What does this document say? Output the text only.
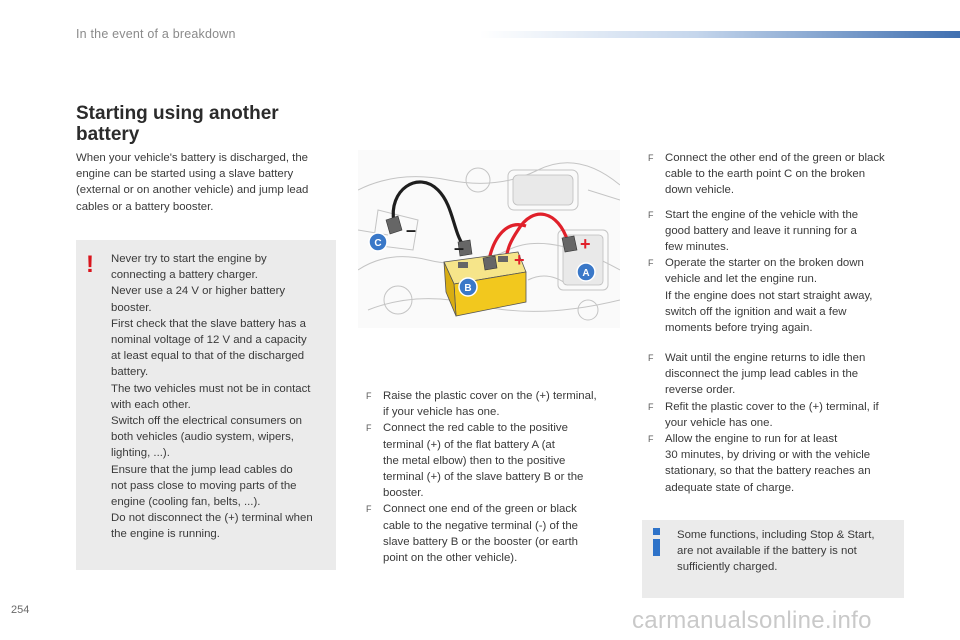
In the event of a breakdown
Starting using another
battery

When your vehicle's battery is discharged, the engine can be started using a slave battery (external or on another vehicle) and jump lead cables or a battery booster.

! Never try to start the engine by
connecting a battery charger.
Never use a 24 V or higher battery
booster.
First check that the slave battery has a
nominal voltage of 12 V and a capacity
at least equal to that of the discharged
battery.
The two vehicles must not be in contact
with each other.
Switch off the electrical consumers on
both vehicles (audio system, wipers,
lighting, ...).
Ensure that the jump lead cables do
not pass close to moving parts of the
engine (cooling fan, belts, ...).
Do not disconnect the (+) terminal when
the engine is running.
C
B
A
–
–
+
+
F Raise the plastic cover on the (+) terminal,
if your vehicle has one.
F Connect the red cable to the positive
terminal (+) of the flat battery A (at
the metal elbow) then to the positive
terminal (+) of the slave battery B or the
booster.
F Connect one end of the green or black
cable to the negative terminal (-) of the
slave battery B or the booster (or earth
point on the other vehicle).
F Connect the other end of the green or black
cable to the earth point C on the broken
down vehicle.
F Start the engine of the vehicle with the
good battery and leave it running for a
few minutes.
F Operate the starter on the broken down
vehicle and let the engine run.
If the engine does not start straight away,
switch off the ignition and wait a few
moments before trying again.
F Wait until the engine returns to idle then
disconnect the jump lead cables in the
reverse order.
F Refit the plastic cover to the (+) terminal, if
your vehicle has one.
F Allow the engine to run for at least
30 minutes, by driving or with the vehicle
stationary, so that the battery reaches an
adequate state of charge.
Some functions, including Stop & Start,
are not available if the battery is not
sufficiently charged.
254	carmanualsonline.info
